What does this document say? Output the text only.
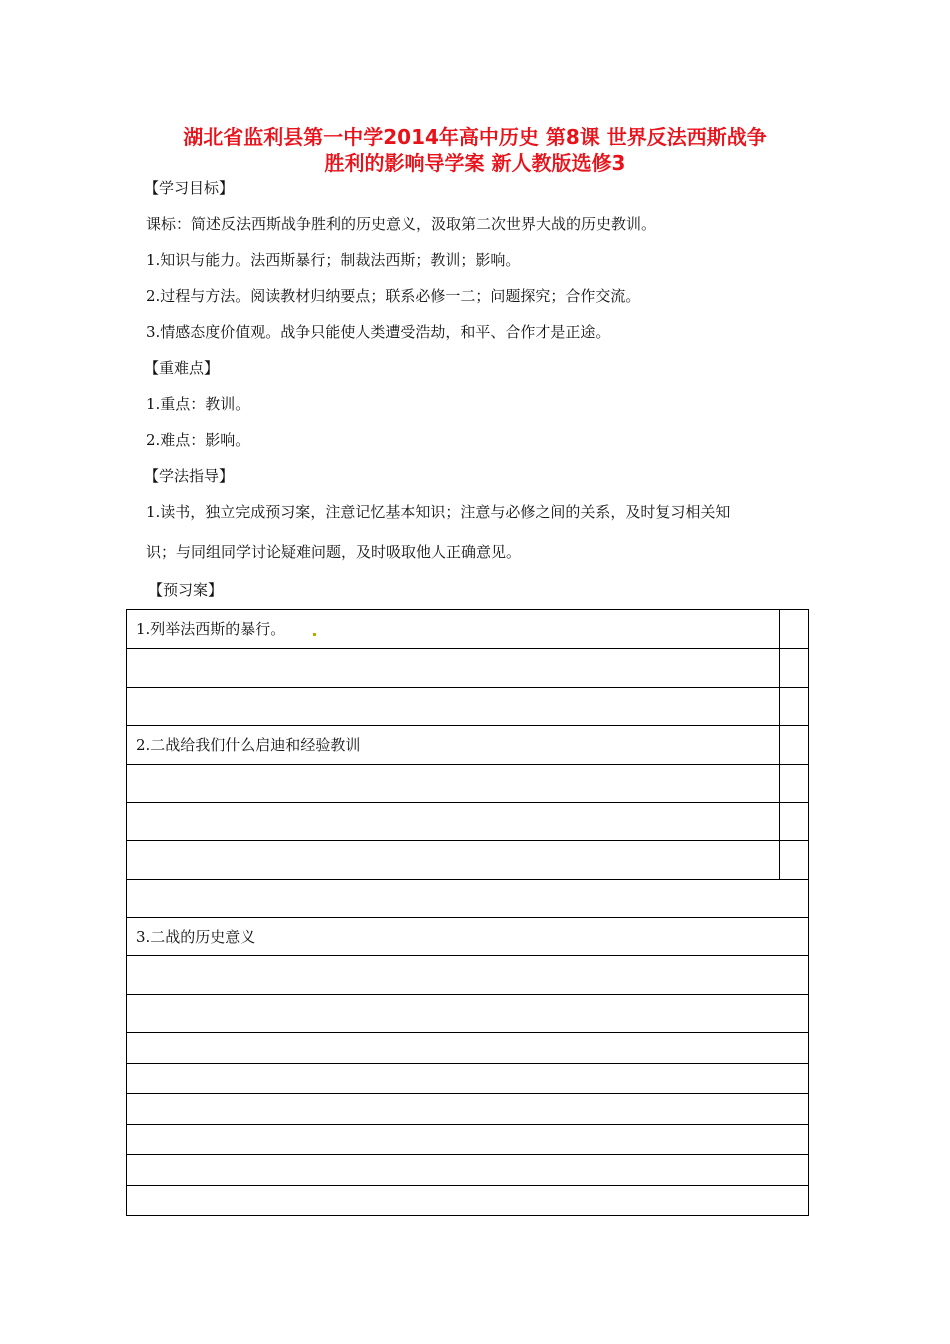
湖北省监利县第一中学2014年高中历史 第8课 世界反法西斯战争
胜利的影响导学案 新人教版选修3
【学习目标】
课标：简述反法西斯战争胜利的历史意义，汲取第二次世界大战的历史教训。
1.知识与能力。法西斯暴行；制裁法西斯；教训；影响。
2.过程与方法。阅读教材归纳要点；联系必修一二；问题探究；合作交流。
3.情感态度价值观。战争只能使人类遭受浩劫，和平、合作才是正途。
【重难点】
1.重点：教训。
2.难点：影响。
【学法指导】
1.读书，独立完成预习案，注意记忆基本知识；注意与必修之间的关系，及时复习相关知
识；与同组同学讨论疑难问题，及时吸取他人正确意见。
【预习案】
1.列举法西斯的暴行。	

2.二战给我们什么启迪和经验教训	

3.二战的历史意义	
